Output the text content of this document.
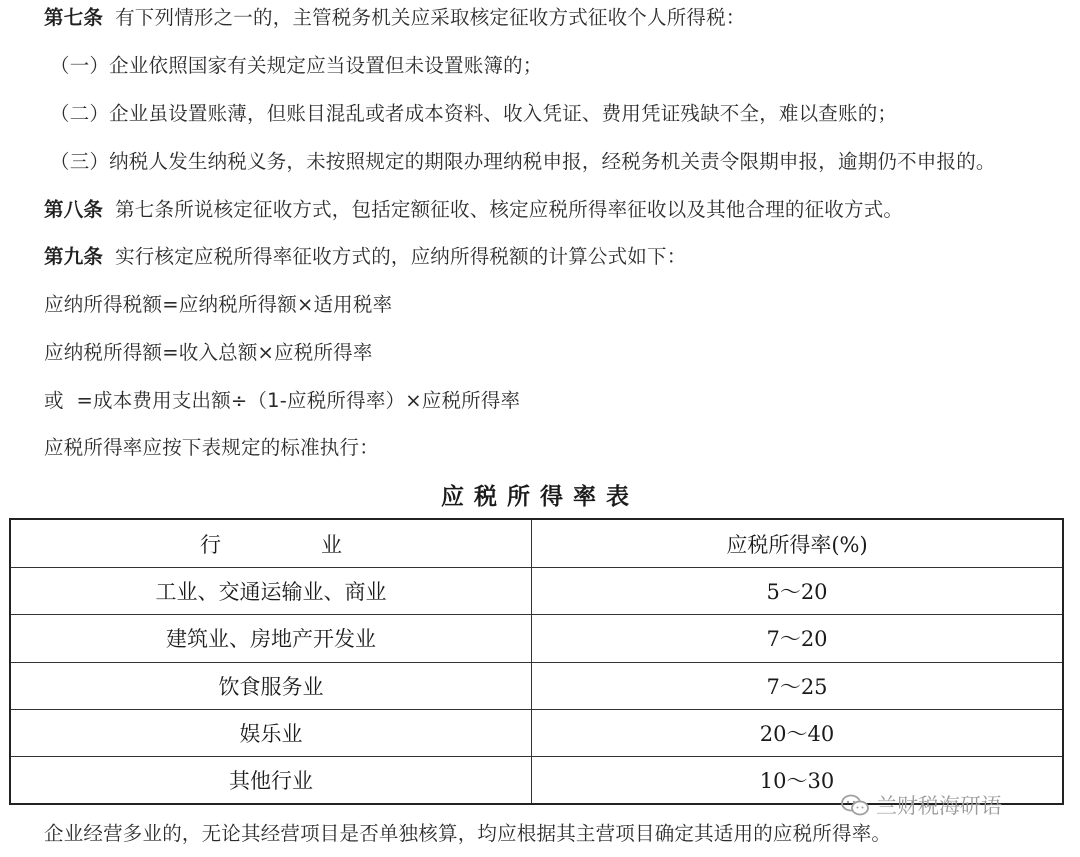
第七条 有下列情形之一的，主管税务机关应采取核定征收方式征收个人所得税：
（一）企业依照国家有关规定应当设置但未设置账簿的；
（二）企业虽设置账薄，但账目混乱或者成本资料、收入凭证、费用凭证残缺不全，难以查账的；
（三）纳税人发生纳税义务，未按照规定的期限办理纳税申报，经税务机关责令限期申报，逾期仍不申报的。
第八条 第七条所说核定征收方式，包括定额征收、核定应税所得率征收以及其他合理的征收方式。
第九条 实行核定应税所得率征收方式的，应纳所得税额的计算公式如下：
应纳所得税额=应纳税所得额×适用税率
应纳税所得额=收入总额×应税所得率
或  =成本费用支出额÷（1-应税所得率）×应税所得率
应税所得率应按下表规定的标准执行：
应税所得率表
行业	应税所得率(%)
工业、交通运输业、商业	5～20
建筑业、房地产开发业	7～20
饮食服务业	7～25
娱乐业	20～40
其他行业	10～30
兰财税海研语
企业经营多业的，无论其经营项目是否单独核算，均应根据其主营项目确定其适用的应税所得率。
